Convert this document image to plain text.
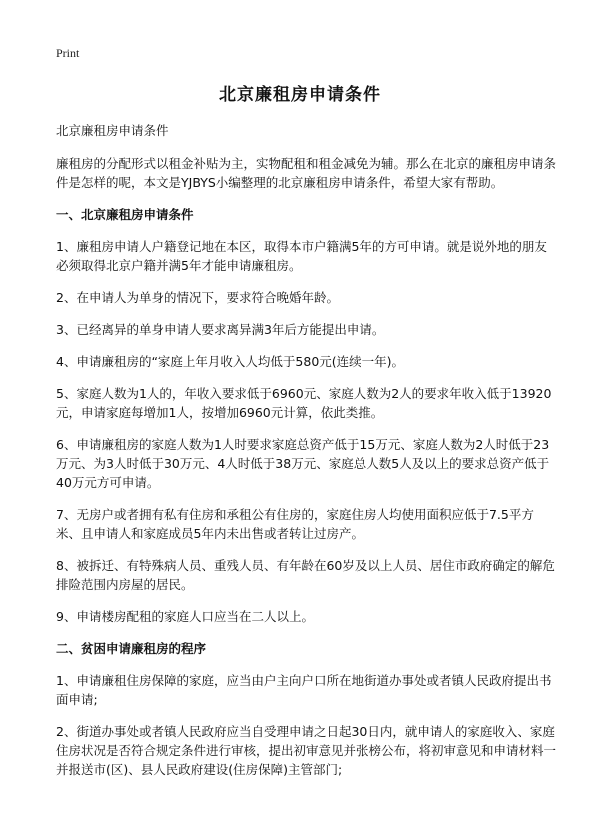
Print
北京廉租房申请条件

北京廉租房申请条件

廉租房的分配形式以租金补贴为主，实物配租和租金减免为辅。那么在北京的廉租房申请条件是怎样的呢，本文是YJBYS小编整理的北京廉租房申请条件，希望大家有帮助。

一、北京廉租房申请条件

1、廉租房申请人户籍登记地在本区，取得本市户籍满5年的方可申请。就是说外地的朋友必须取得北京户籍并满5年才能申请廉租房。

2、在申请人为单身的情况下，要求符合晚婚年龄。

3、已经离异的单身申请人要求离异满3年后方能提出申请。

4、申请廉租房的“家庭上年月收入人均低于580元(连续一年)。

5、家庭人数为1人的，年收入要求低于6960元、家庭人数为2人的要求年收入低于13920元，申请家庭每增加1人，按增加6960元计算，依此类推。

6、申请廉租房的家庭人数为1人时要求家庭总资产低于15万元、家庭人数为2人时低于23万元、为3人时低于30万元、4人时低于38万元、家庭总人数5人及以上的要求总资产低于40万元方可申请。

7、无房户或者拥有私有住房和承租公有住房的，家庭住房人均使用面积应低于7.5平方米、且申请人和家庭成员5年内未出售或者转让过房产。

8、被拆迁、有特殊病人员、重残人员、有年龄在60岁及以上人员、居住市政府确定的解危排险范围内房屋的居民。

9、申请楼房配租的家庭人口应当在二人以上。

二、贫困申请廉租房的程序

1、申请廉租住房保障的家庭，应当由户主向户口所在地街道办事处或者镇人民政府提出书面申请;

2、街道办事处或者镇人民政府应当自受理申请之日起30日内，就申请人的家庭收入、家庭住房状况是否符合规定条件进行审核，提出初审意见并张榜公布，将初审意见和申请材料一并报送市(区)、县人民政府建设(住房保障)主管部门;
